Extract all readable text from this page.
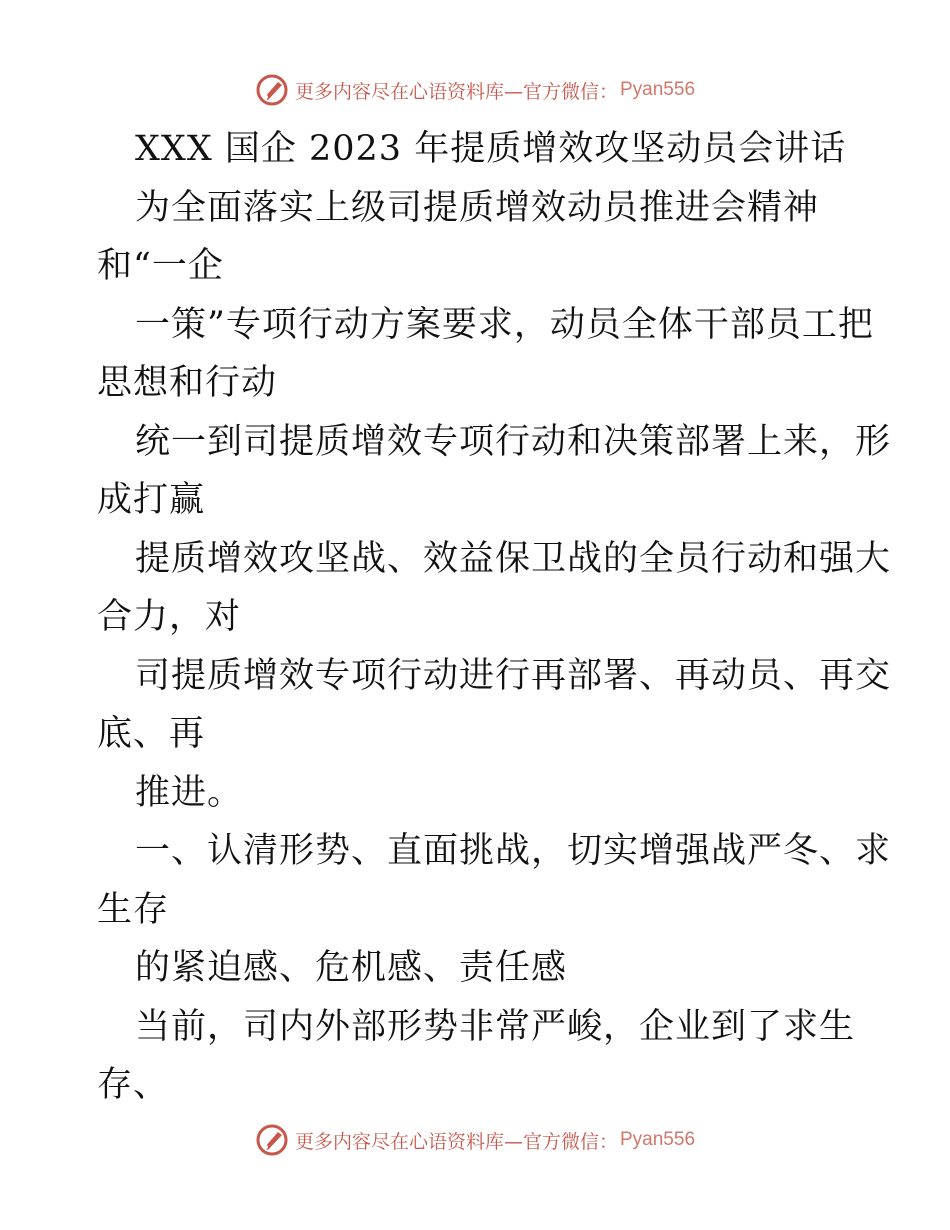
更多内容尽在心语资料库—官方微信： Pyan556
XXX 国企 2023 年提质增效攻坚动员会讲话
为全面落实上级司提质增效动员推进会精神
和“一企
一策”专项行动方案要求，动员全体干部员工把
思想和行动
统一到司提质增效专项行动和决策部署上来，形
成打赢
提质增效攻坚战、效益保卫战的全员行动和强大
合力，对
司提质增效专项行动进行再部署、再动员、再交
底、再
推进。
一、认清形势、直面挑战，切实增强战严冬、求
生存
的紧迫感、危机感、责任感
当前，司内外部形势非常严峻，企业到了求生
存、
更多内容尽在心语资料库—官方微信： Pyan556
